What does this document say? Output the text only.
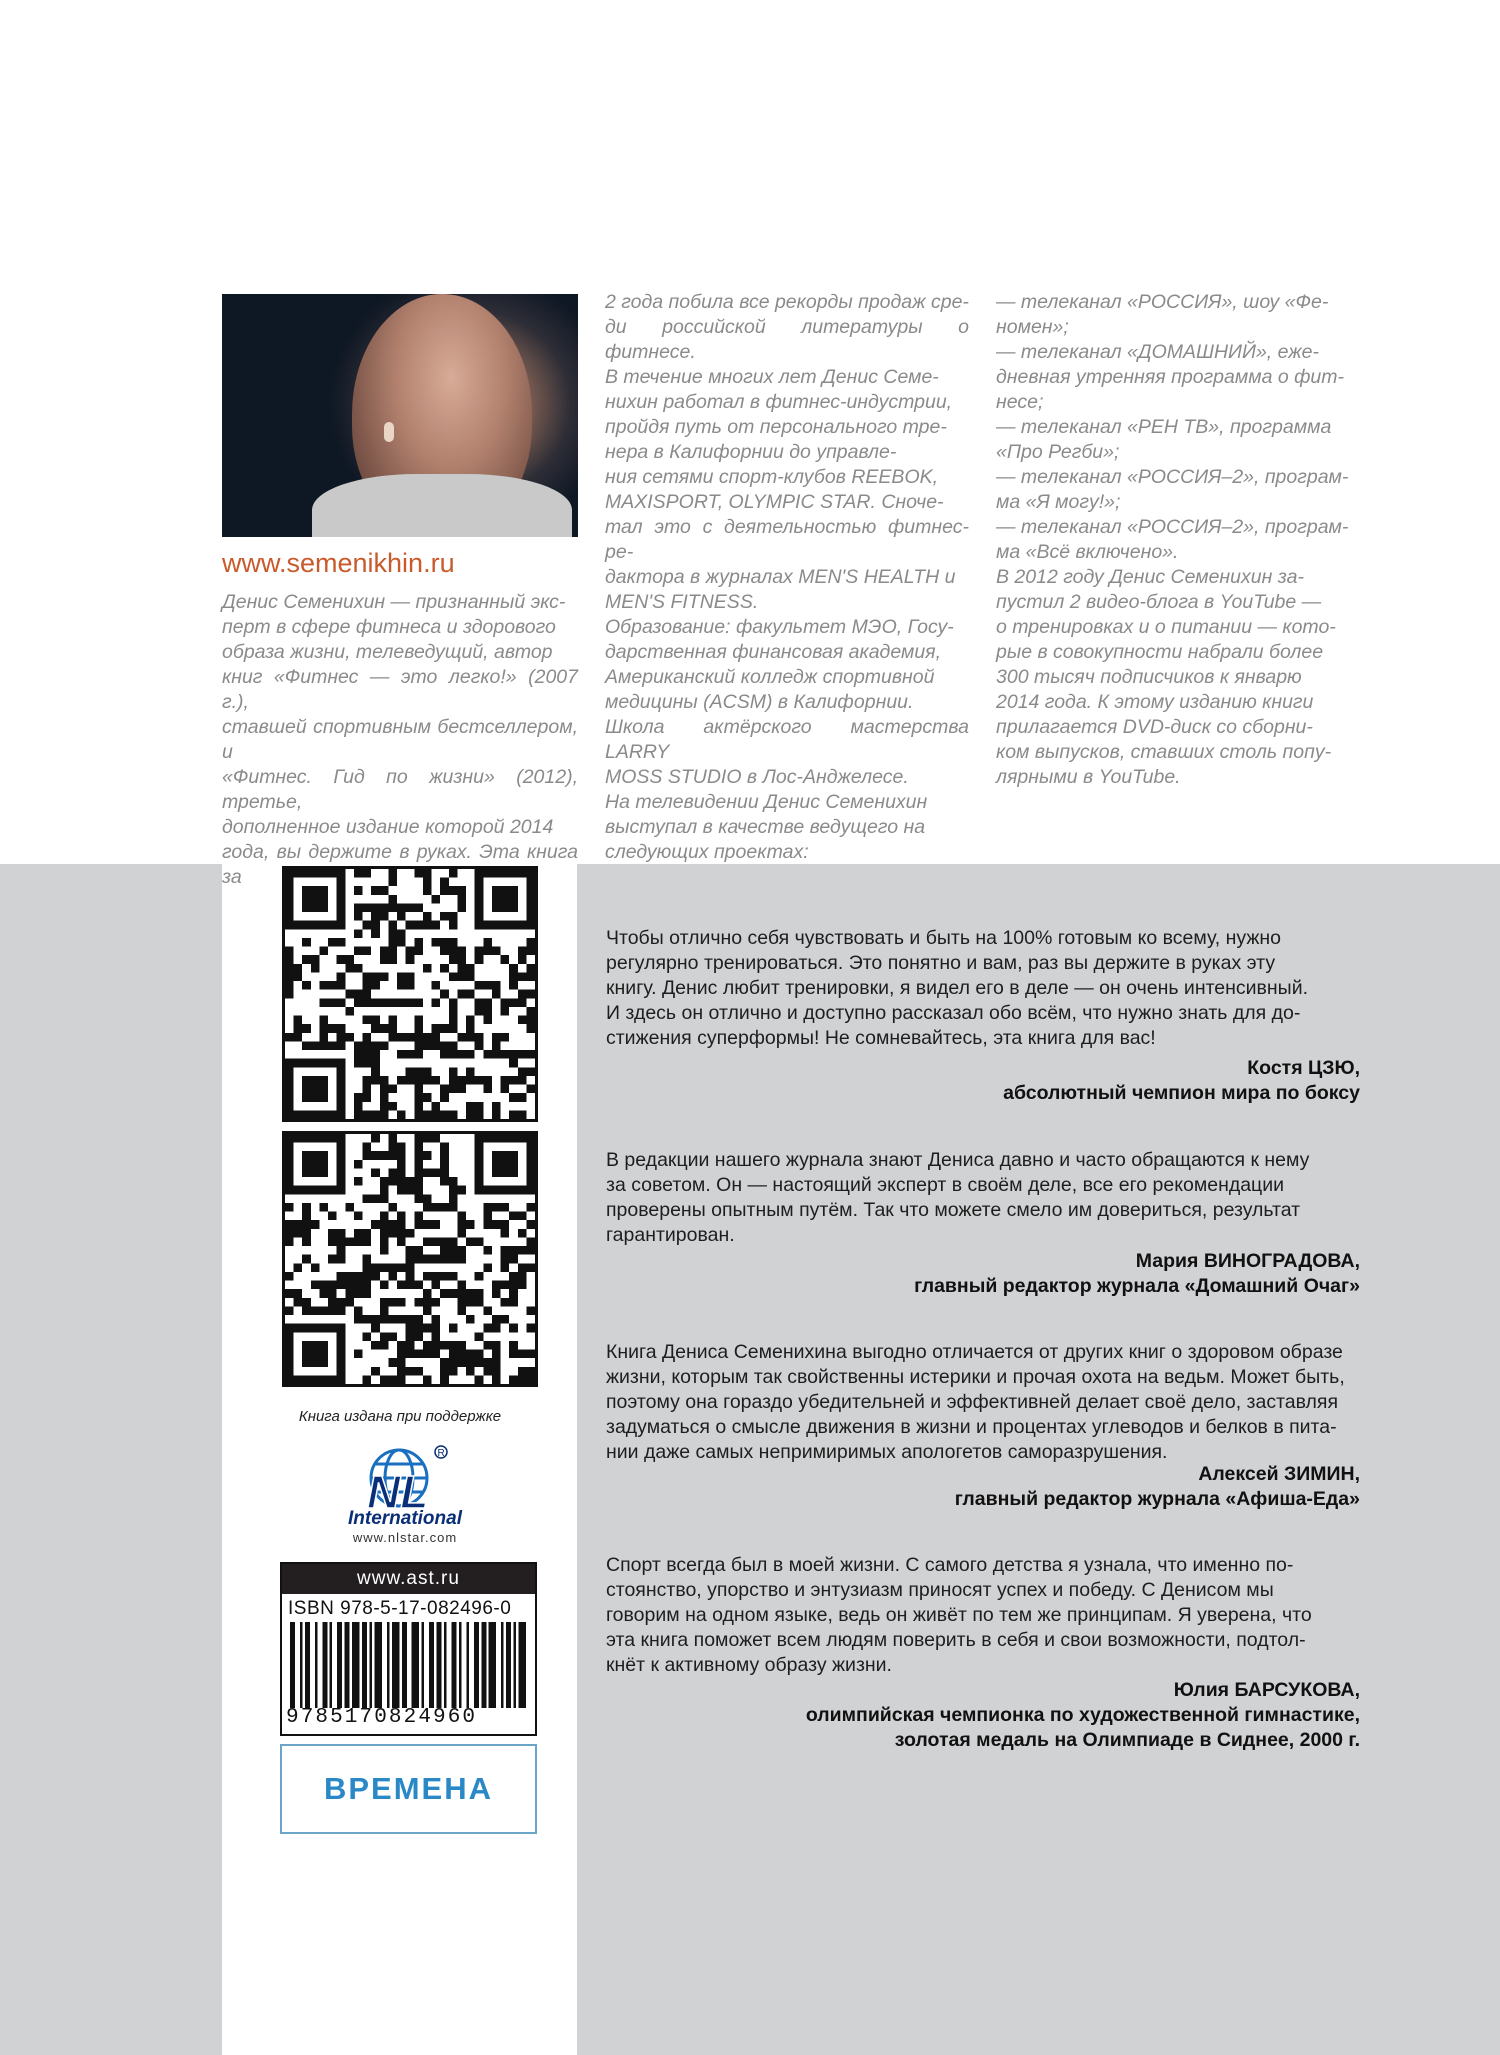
www.semenikhin.ru

Денис Семенихин — признанный экс-

перт в сфере фитнеса и здорового

образа жизни, телеведущий, автор

книг «Фитнес — это легко!» (2007 г.),

ставшей спортивным бестселлером, и

«Фитнес. Гид по жизни» (2012), третье,

дополненное издание которой 2014

года, вы держите в руках. Эта книга за

2 года побила все рекорды продаж сре-

ди российской литературы о фитнесе.

В течение многих лет Денис Семе-

нихин работал в фитнес-индустрии,

пройдя путь от персонального тре-

нера в Калифорнии до управле-

ния сетями спорт-клубов REEBOK,

MAXISPORT, OLYMPIC STAR. Сноче-

тал это с деятельностью фитнес-ре-

дактора в журналах MEN'S HEALTH и

MEN'S FITNESS.

Образование: факультет МЭО, Госу-

дарственная финансовая академия,

Американский колледж спортивной

медицины (ACSM) в Калифорнии.

Школа актёрского мастерства LARRY

MOSS STUDIO в Лос-Анджелесе.

На телевидении Денис Семенихин

выступал в качестве ведущего на

следующих проектах:

— телеканал «РОССИЯ», шоу «Фе-

номен»;

— телеканал «ДОМАШНИЙ», еже-

дневная утренняя программа о фит-

несе;

— телеканал «РЕН ТВ», программа

«Про Регби»;

— телеканал «РОССИЯ–2», програм-

ма «Я могу!»;

— телеканал «РОССИЯ–2», програм-

ма «Всё включено».

В 2012 году Денис Семенихин за-

пустил 2 видео-блога в YouTube —

о тренировках и о питании — кото-

рые в совокупности набрали более

300 тысяч подписчиков к январю

2014 года. К этому изданию книги

прилагается DVD-диск со сборни-

ком выпусков, ставших столь попу-

лярными в YouTube.

Книга издана при поддержке
NL
R
International
www.nlstar.com
www.ast.ru
ISBN 978-5-17-082496-0
9785170824960
ВРЕМЕНА

Чтобы отлично себя чувствовать и быть на 100% готовым ко всему, нужно

регулярно тренироваться. Это понятно и вам, раз вы держите в руках эту

книгу. Денис любит тренировки, я видел его в деле — он очень интенсивный.

И здесь он отлично и доступно рассказал обо всём, что нужно знать для до-

стижения суперформы! Не сомневайтесь, эта книга для вас!

Костя ЦЗЮ,
абсолютный чемпион мира по боксу

В редакции нашего журнала знают Дениса давно и часто обращаются к нему

за советом. Он — настоящий эксперт в своём деле, все его рекомендации

проверены опытным путём. Так что можете смело им довериться, результат

гарантирован.

Мария ВИНОГРАДОВА,
главный редактор журнала «Домашний Очаг»

Книга Дениса Семенихина выгодно отличается от других книг о здоровом образе

жизни, которым так свойственны истерики и прочая охота на ведьм. Может быть,

поэтому она гораздо убедительней и эффективней делает своё дело, заставляя

задуматься о смысле движения в жизни и процентах углеводов и белков в пита-

нии даже самых непримиримых апологетов саморазрушения.

Алексей ЗИМИН,
главный редактор журнала «Афиша-Еда»

Спорт всегда был в моей жизни. С самого детства я узнала, что именно по-

стоянство, упорство и энтузиазм приносят успех и победу. С Денисом мы

говорим на одном языке, ведь он живёт по тем же принципам. Я уверена, что

эта книга поможет всем людям поверить в себя и свои возможности, подтол-

кнёт к активному образу жизни.

Юлия БАРСУКОВА,
олимпийская чемпионка по художественной гимнастике,
золотая медаль на Олимпиаде в Сиднее, 2000 г.
